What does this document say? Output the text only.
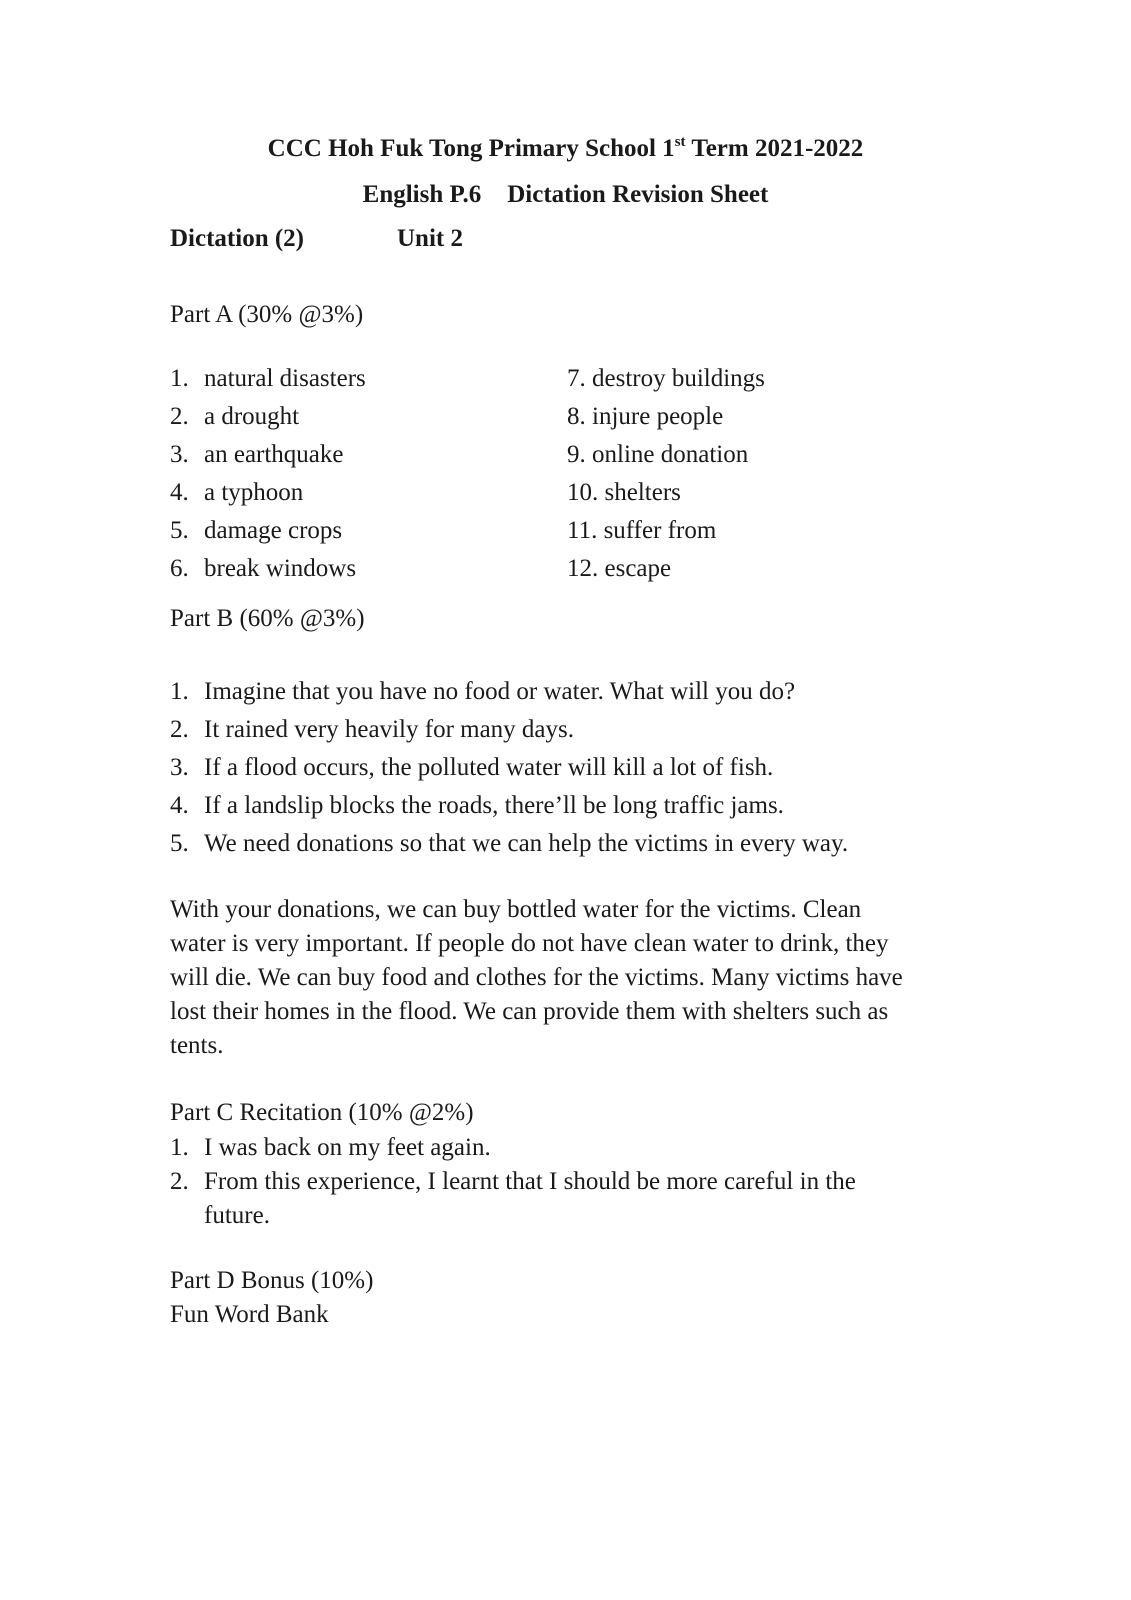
CCC Hoh Fuk Tong Primary School 1st Term 2021-2022
English P.6 Dictation Revision Sheet
Dictation (2)	Unit 2
Part A (30% @3%)
1. natural disasters
2. a drought
3. an earthquake
4. a typhoon
5. damage crops
6. break windows
7. destroy buildings
8. injure people
9. online donation
10. shelters
11. suffer from
12. escape
Part B (60% @3%)
1. Imagine that you have no food or water. What will you do?
2. It rained very heavily for many days.
3. If a flood occurs, the polluted water will kill a lot of fish.
4. If a landslip blocks the roads, there’ll be long traffic jams.
5. We need donations so that we can help the victims in every way.
With your donations, we can buy bottled water for the victims. Clean
water is very important. If people do not have clean water to drink, they
will die. We can buy food and clothes for the victims. Many victims have
lost their homes in the flood. We can provide them with shelters such as
tents.
Part C Recitation (10% @2%)
1. I was back on my feet again.
2. From this experience, I learnt that I should be more careful in the
future.
Part D Bonus (10%)
Fun Word Bank
